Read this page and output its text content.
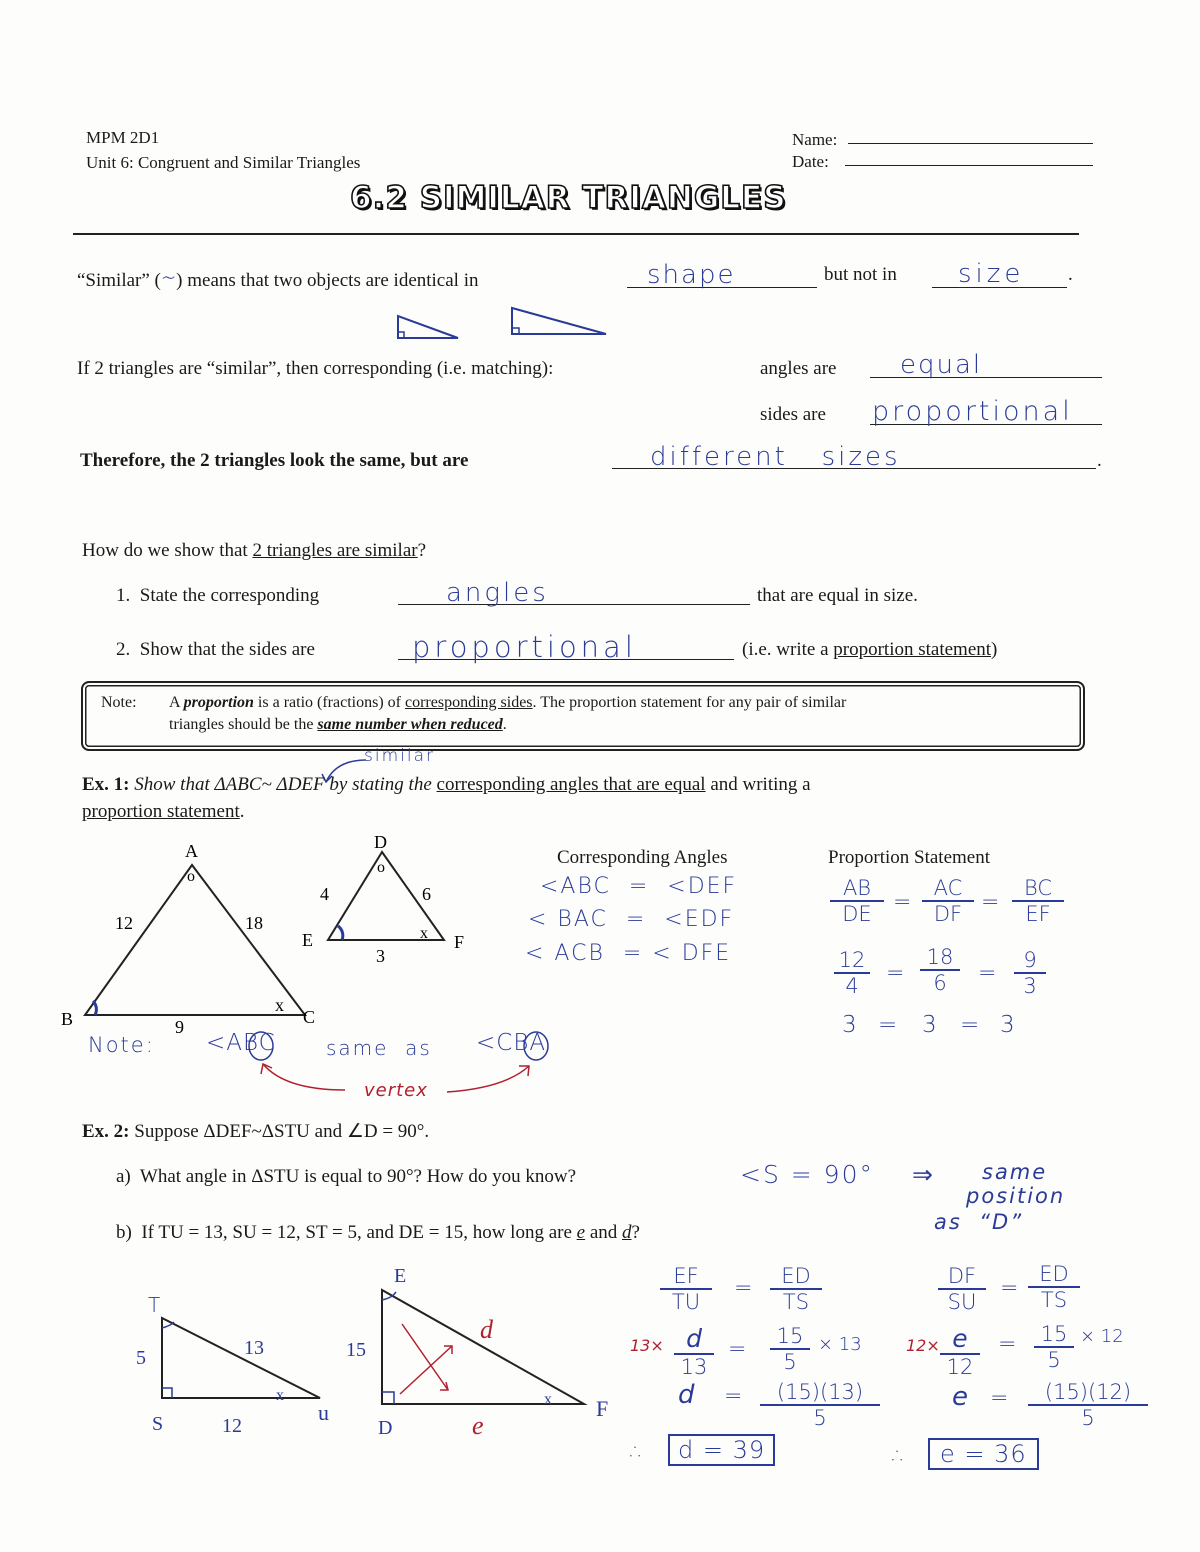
MPM 2D1
Unit 6: Congruent and Similar Triangles
Name:
Date:
6.2 SIMILAR TRIANGLES
“Similar” (∼) means that two objects are identical in	shape	but not in size .
If 2 triangles are “similar”, then corresponding (i.e. matching):	angles are equal
sides are proportional
Therefore, the 2 triangles look the same, but are	different   sizes	.
How do we show that 2 triangles are similar?
1.  State the corresponding	angles	that are equal in size.
2.  Show that the sides are	proportional	(i.e. write a proportion statement)
Note: A proportion is a ratio (fractions) of corresponding sides. The proportion statement for any pair of similar
triangles should be the same number when reduced.
similar
Ex. 1: Show that ΔABC~ ΔDEF by stating the corresponding angles that are equal and writing a
proportion statement.
A
B	C
12	18
9
o
x
D
E	F
4	6
3
o
x
Corresponding Angles
<ABC  =  <DEF
< BAC  =  <EDF
< ACB  = < DFE
Proportion Statement
$\frac{AB}{DE} = \frac{AC}{DF} = \frac{BC}{EF}$
$\frac{12}{4} = \frac{18}{6} = \frac{9}{3}$
3 = 3 = 3
Note: <ABC	same  as <CBA
vertex
Ex. 2: Suppose ΔDEF~ΔSTU and ∠D = 90°.
a)  What angle in ΔSTU is equal to 90°? How do you know?	<S = 90° ⇒ same
position
as  “D”
b)  If TU = 13, SU = 12, ST = 5, and DE = 15, how long are e and d?
T
S	u
5	13
12
x
E
D
F
15
d
e
x
$\frac{EF}{TU} = \frac{ED}{TS}$
13× d
13
= $\frac{15}{5} \times 13$
$d = \frac{(15)(13)}{5}$
∴	d = 39
$\frac{DF}{SU} = \frac{ED}{TS}$
12× e
12
= $\frac{15}{5} \times 12$
$e = \frac{(15)(12)}{5}$
∴	e = 36
